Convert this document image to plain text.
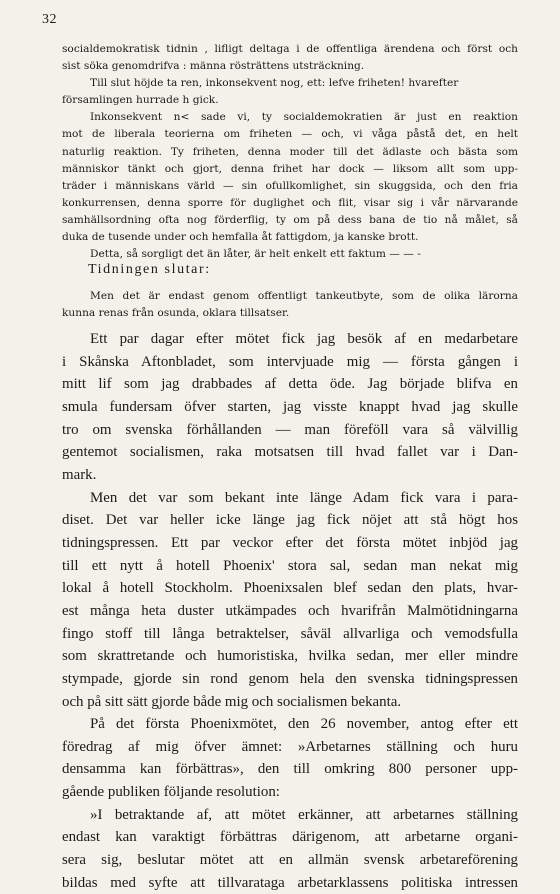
32
socialdemokratisk tidnin , lifligt deltaga i de offentliga ärendena och först och
sist söka genomdrifva : männa rösträttens utsträckning.
Till slut höjde ta ren, inkonsekvent nog, ett: lefve friheten! hvarefter
församlingen hurrade h gick.
Inkonsekvent n< sade vi, ty socialdemokratien är just en reaktion
mot de liberala teorierna om friheten — och, vi våga påstå det, en helt
naturlig reaktion. Ty friheten, denna moder till det ädlaste och bästa som
människor tänkt och gjort, denna frihet har dock — liksom allt som upp-
träder i människans värld — sin ofullkomlighet, sin skuggsida, och den fria
konkurrensen, denna sporre för duglighet och flit, visar sig i vår närvarande
samhällsordning ofta nog förderflig, ty om på dess bana de tio nå målet, så
duka de tusende under och hemfalla åt fattigdom, ja kanske brott.
Detta, så sorgligt det än låter, är helt enkelt ett faktum — — -
Tidningen slutar:
Men det är endast genom offentligt tankeutbyte, som de olika lärorna
kunna renas från osunda, oklara tillsatser.
Ett par dagar efter mötet fick jag besök af en medarbetare
i Skånska Aftonbladet, som intervjuade mig — första gången i
mitt lif som jag drabbades af detta öde. Jag började blifva en
smula fundersam öfver starten, jag visste knappt hvad jag skulle
tro om svenska förhållanden — man föreföll vara så välvillig
gentemot socialismen, raka motsatsen till hvad fallet var i Dan-
mark.
Men det var som bekant inte länge Adam fick vara i para-
diset. Det var heller icke länge jag fick nöjet att stå högt hos
tidningspressen. Ett par veckor efter det första mötet inbjöd jag
till ett nytt å hotell Phoenix' stora sal, sedan man nekat mig
lokal å hotell Stockholm. Phoenixsalen blef sedan den plats, hvar-
est många heta duster utkämpades och hvarifrån Malmötidningarna
fingo stoff till långa betraktelser, såväl allvarliga och vemodsfulla
som skrattretande och humoristiska, hvilka sedan, mer eller mindre
stympade, gjorde sin rond genom hela den svenska tidningspressen
och på sitt sätt gjorde både mig och socialismen bekanta.
På det första Phoenixmötet, den 26 november, antog efter ett
föredrag af mig öfver ämnet: »Arbetarnes ställning och huru
densamma kan förbättras», den till omkring 800 personer upp-
gående publiken följande resolution:
»I betraktande af, att mötet erkänner, att arbetarnes ställning
endast kan varaktigt förbättras därigenom, att arbetarne organi-
sera sig, beslutar mötet att en allmän svensk arbetareförening
bildas med syfte att tillvaratagа arbetarklassens politiska intressen
